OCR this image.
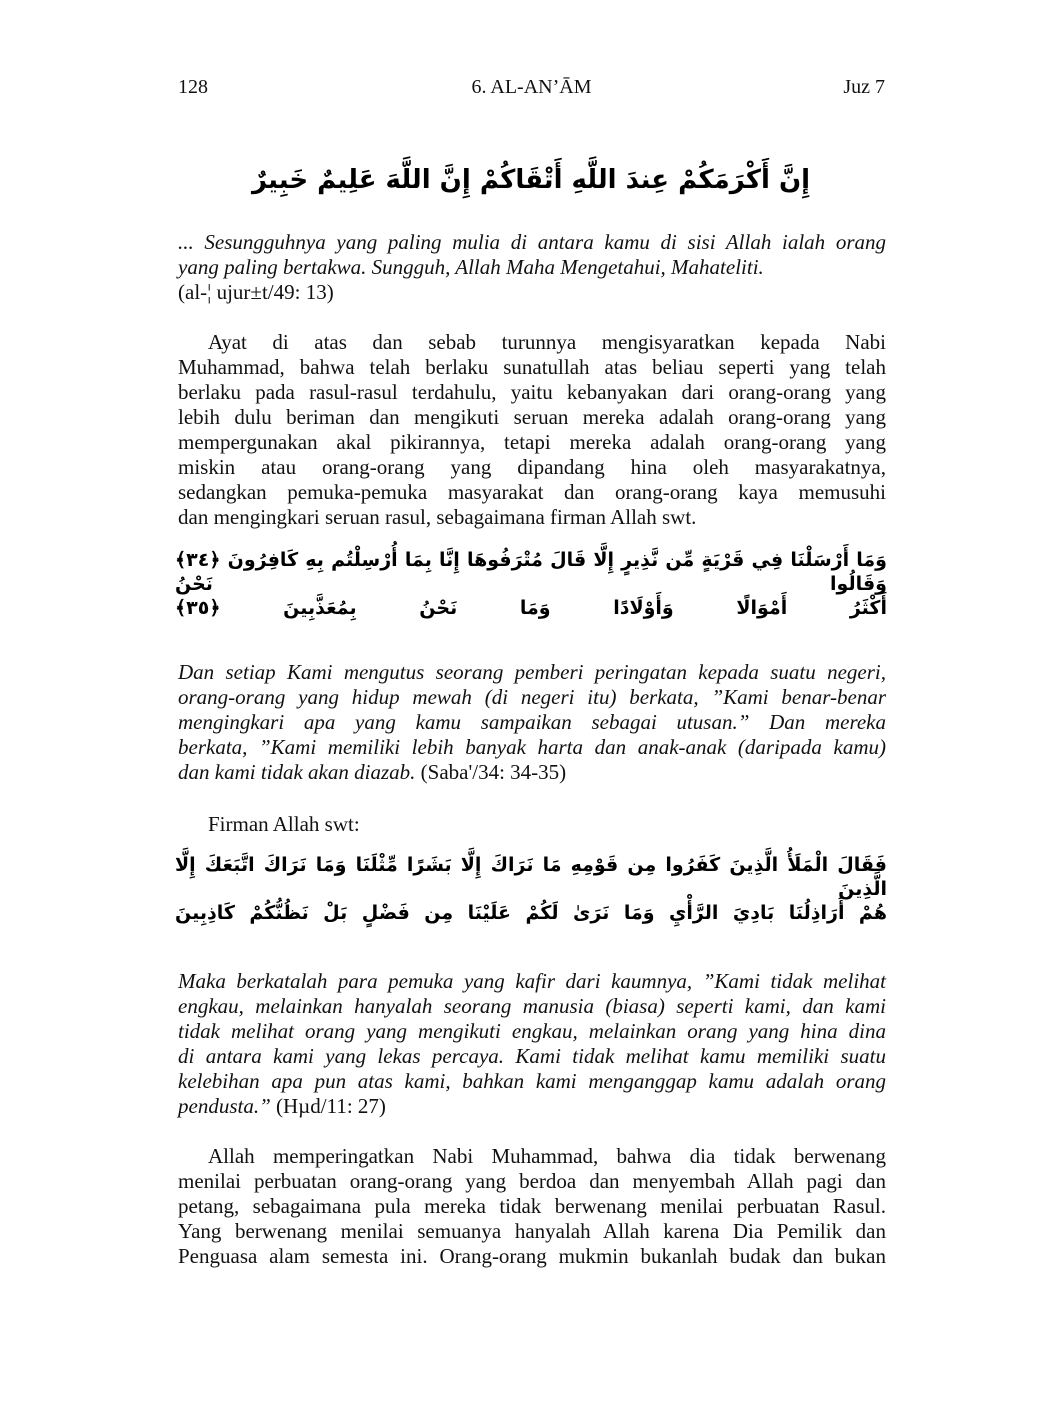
128	6. AL-AN’ĀM	Juz 7
إِنَّ أَكْرَمَكُمْ عِندَ اللَّهِ أَتْقَاكُمْ إِنَّ اللَّهَ عَلِيمٌ خَبِيرٌ
... Sesungguhnya yang paling mulia di antara kamu di sisi Allah ialah orang
yang paling bertakwa. Sungguh, Allah Maha Mengetahui, Mahateliti.
(al-¦ ujur±t/49: 13)
Ayat di atas dan sebab turunnya mengisyaratkan kepada Nabi
Muhammad, bahwa telah berlaku sunatullah atas beliau seperti yang telah
berlaku pada rasul-rasul terdahulu, yaitu kebanyakan dari orang-orang yang
lebih dulu beriman dan mengikuti seruan mereka adalah orang-orang yang
mempergunakan akal pikirannya, tetapi mereka adalah orang-orang yang
miskin atau orang-orang yang dipandang hina oleh masyarakatnya,
sedangkan pemuka-pemuka masyarakat dan orang-orang kaya memusuhi
dan mengingkari seruan rasul, sebagaimana firman Allah swt.
وَمَا أَرْسَلْنَا فِي قَرْيَةٍ مِّن نَّذِيرٍ إِلَّا قَالَ مُتْرَفُوهَا إِنَّا بِمَا أُرْسِلْتُم بِهِ كَافِرُونَ ﴿٣٤﴾ وَقَالُوا نَحْنُ
أَكْثَرُ أَمْوَالًا وَأَوْلَادًا وَمَا نَحْنُ بِمُعَذَّبِينَ ﴿٣٥﴾
Dan setiap Kami mengutus seorang pemberi peringatan kepada suatu negeri,
orang-orang yang hidup mewah (di negeri itu) berkata, ”Kami benar-benar
mengingkari apa yang kamu sampaikan sebagai utusan.” Dan mereka
berkata, ”Kami memiliki lebih banyak harta dan anak-anak (daripada kamu)
dan kami tidak akan diazab. (Saba'/34: 34-35)
Firman Allah swt:
فَقَالَ الْمَلَأُ الَّذِينَ كَفَرُوا مِن قَوْمِهِ مَا نَرَاكَ إِلَّا بَشَرًا مِّثْلَنَا وَمَا نَرَاكَ اتَّبَعَكَ إِلَّا الَّذِينَ
هُمْ أَرَاذِلُنَا بَادِيَ الرَّأْيِ وَمَا نَرَىٰ لَكُمْ عَلَيْنَا مِن فَضْلٍ بَلْ نَظُنُّكُمْ كَاذِبِينَ
Maka berkatalah para pemuka yang kafir dari kaumnya, ”Kami tidak melihat
engkau, melainkan hanyalah seorang manusia (biasa) seperti kami, dan kami
tidak melihat orang yang mengikuti engkau, melainkan orang yang hina dina
di antara kami yang lekas percaya. Kami tidak melihat kamu memiliki suatu
kelebihan apa pun atas kami, bahkan kami menganggap kamu adalah orang
pendusta.” (Hµd/11: 27)
Allah memperingatkan Nabi Muhammad, bahwa dia tidak berwenang
menilai perbuatan orang-orang yang berdoa dan menyembah Allah pagi dan
petang, sebagaimana pula mereka tidak berwenang menilai perbuatan Rasul.
Yang berwenang menilai semuanya hanyalah Allah karena Dia Pemilik dan
Penguasa alam semesta ini. Orang-orang mukmin bukanlah budak dan bukan
